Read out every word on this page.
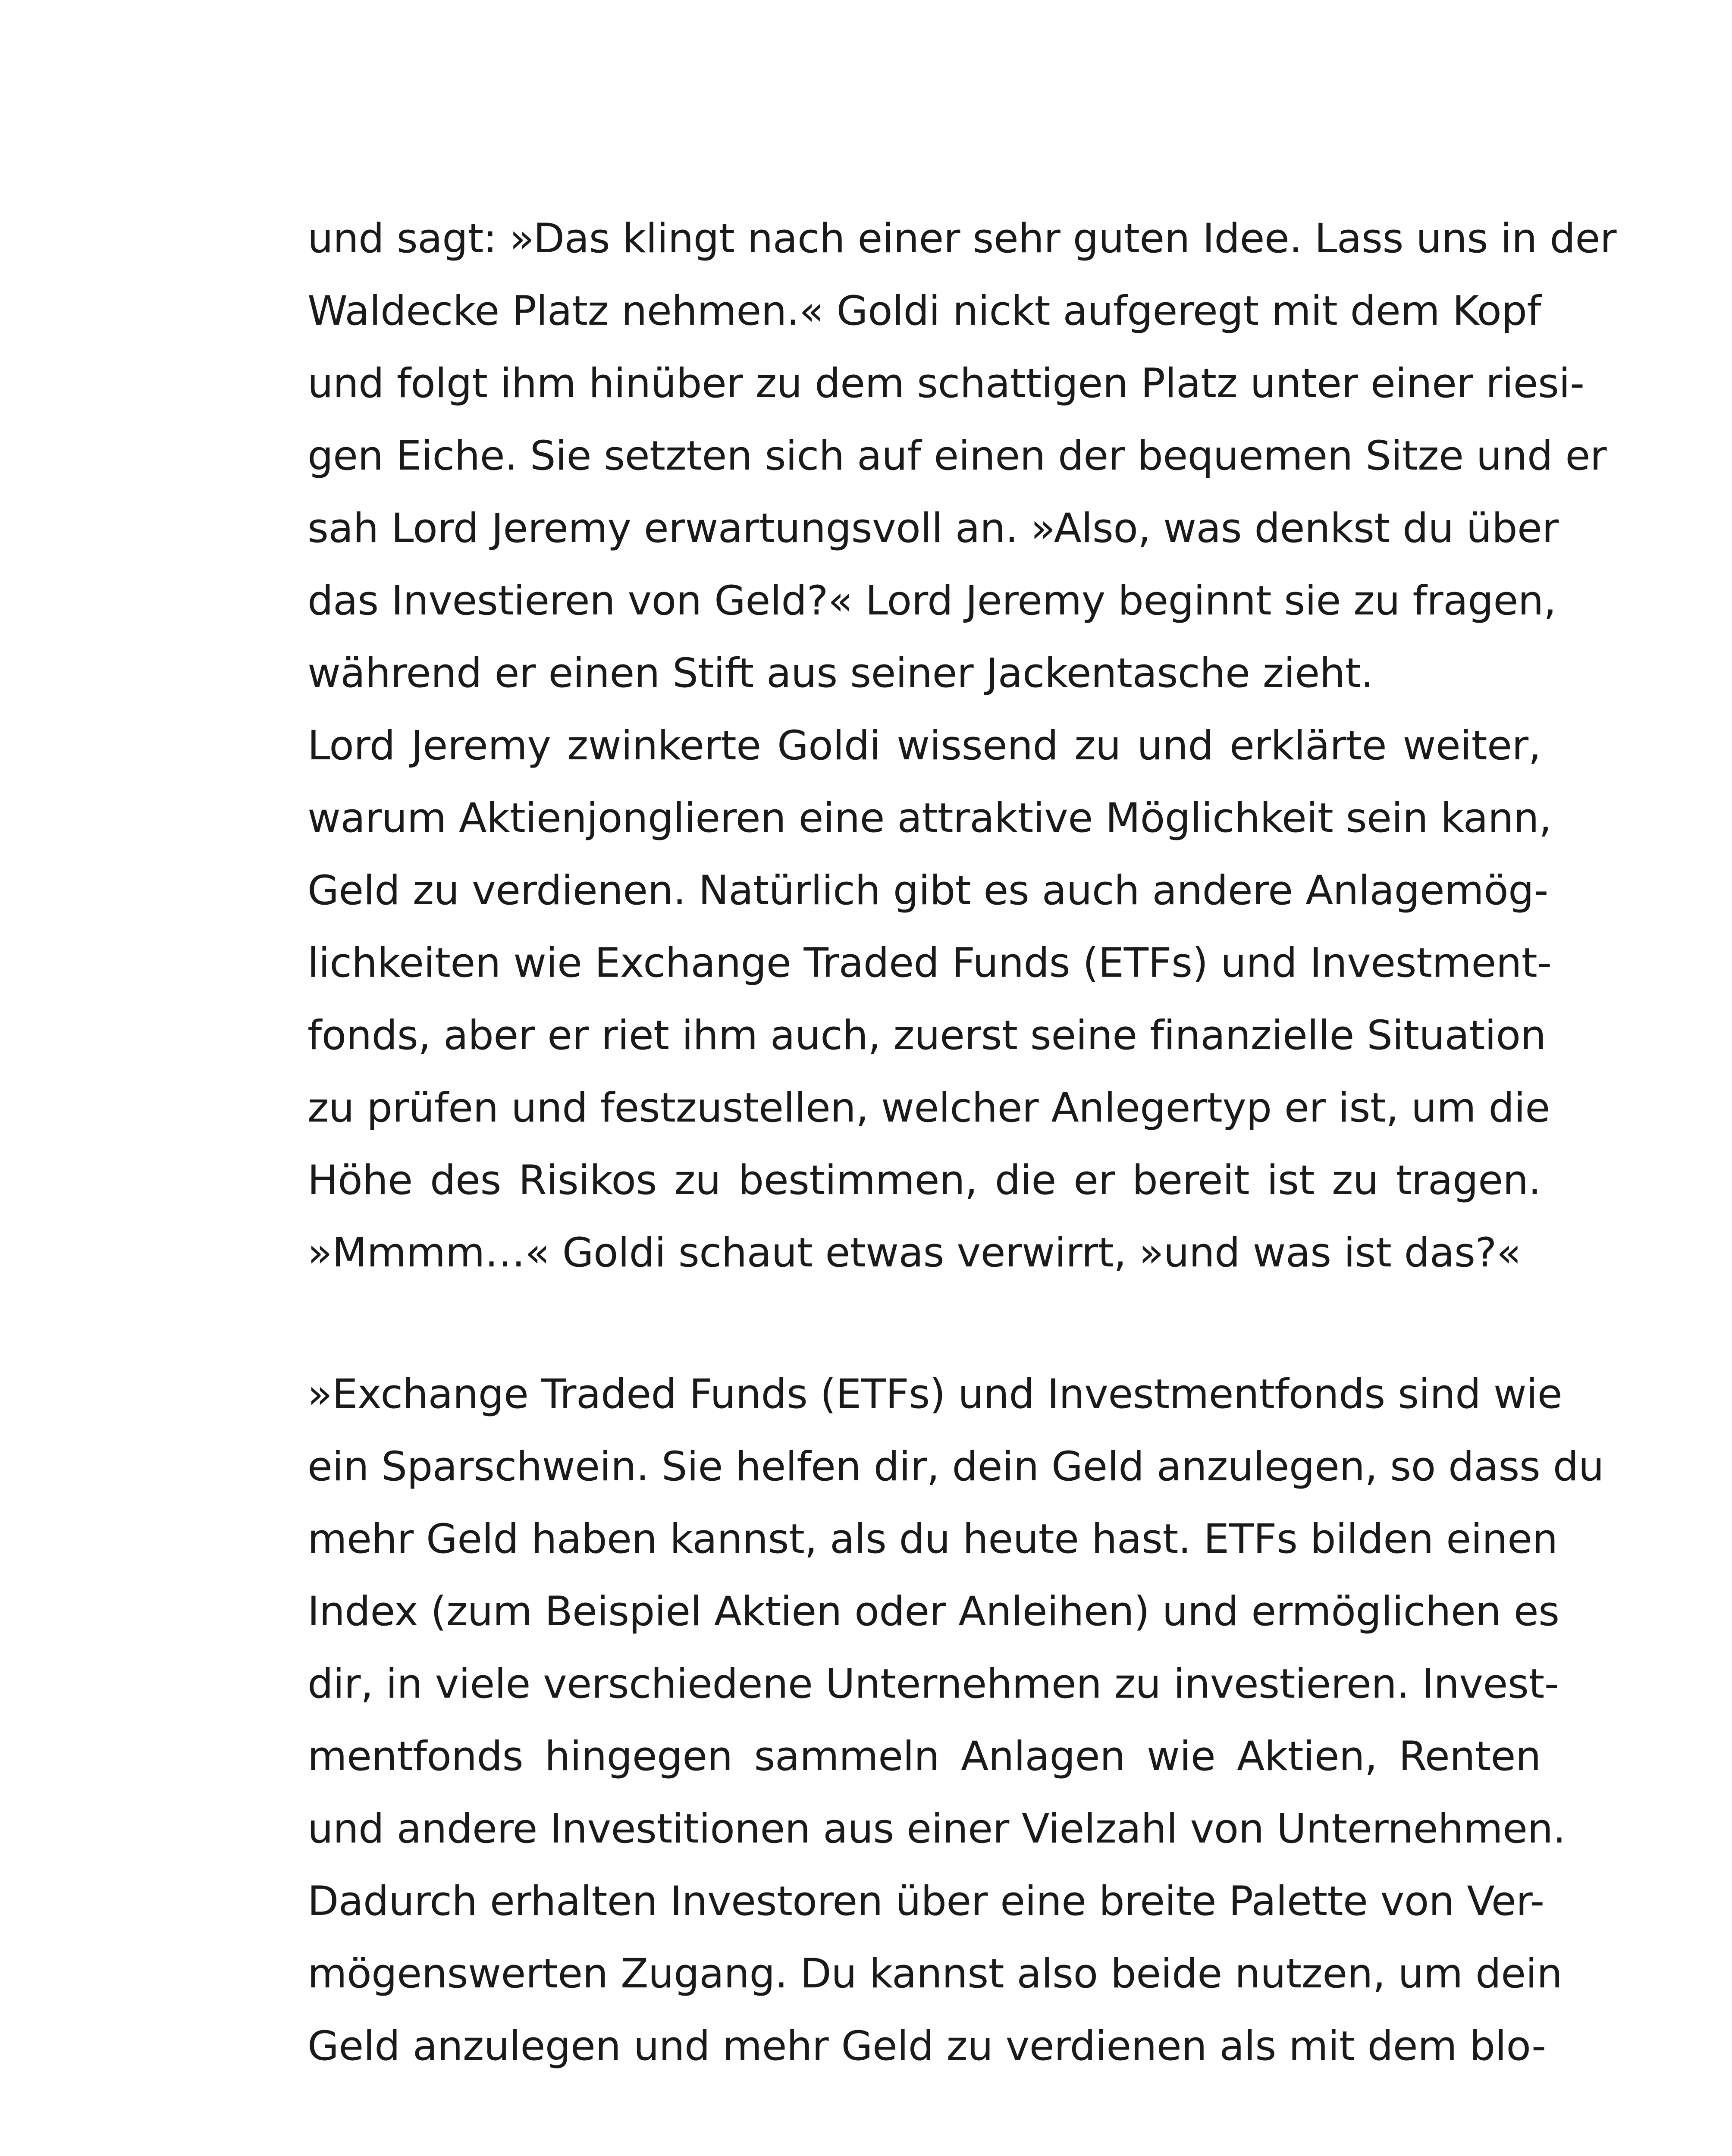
und sagt: »Das klingt nach einer sehr guten Idee. Lass uns in der
Waldecke Platz nehmen.« Goldi nickt aufgeregt mit dem Kopf
und folgt ihm hinüber zu dem schattigen Platz unter einer riesi-
gen Eiche. Sie setzten sich auf einen der bequemen Sitze und er
sah Lord Jeremy erwartungsvoll an. »Also, was denkst du über
das Investieren von Geld?« Lord Jeremy beginnt sie zu fragen,
während er einen Stift aus seiner Jackentasche zieht.
Lord Jeremy zwinkerte Goldi wissend zu und erklärte weiter,
warum Aktienjonglieren eine attraktive Möglichkeit sein kann,
Geld zu verdienen. Natürlich gibt es auch andere Anlagemög-
lichkeiten wie Exchange Traded Funds (ETFs) und Investment-
fonds, aber er riet ihm auch, zuerst seine finanzielle Situation
zu prüfen und festzustellen, welcher Anlegertyp er ist, um die
Höhe des Risikos zu bestimmen, die er bereit ist zu tragen.
»Mmmm…« Goldi schaut etwas verwirrt, »und was ist das?«
»Exchange Traded Funds (ETFs) und Investmentfonds sind wie
ein Sparschwein. Sie helfen dir, dein Geld anzulegen, so dass du
mehr Geld haben kannst, als du heute hast. ETFs bilden einen
Index (zum Beispiel Aktien oder Anleihen) und ermöglichen es
dir, in viele verschiedene Unternehmen zu investieren. Invest-
mentfonds hingegen sammeln Anlagen wie Aktien, Renten
und andere Investitionen aus einer Vielzahl von Unternehmen.
Dadurch erhalten Investoren über eine breite Palette von Ver-
mögenswerten Zugang. Du kannst also beide nutzen, um dein
Geld anzulegen und mehr Geld zu verdienen als mit dem blo-
